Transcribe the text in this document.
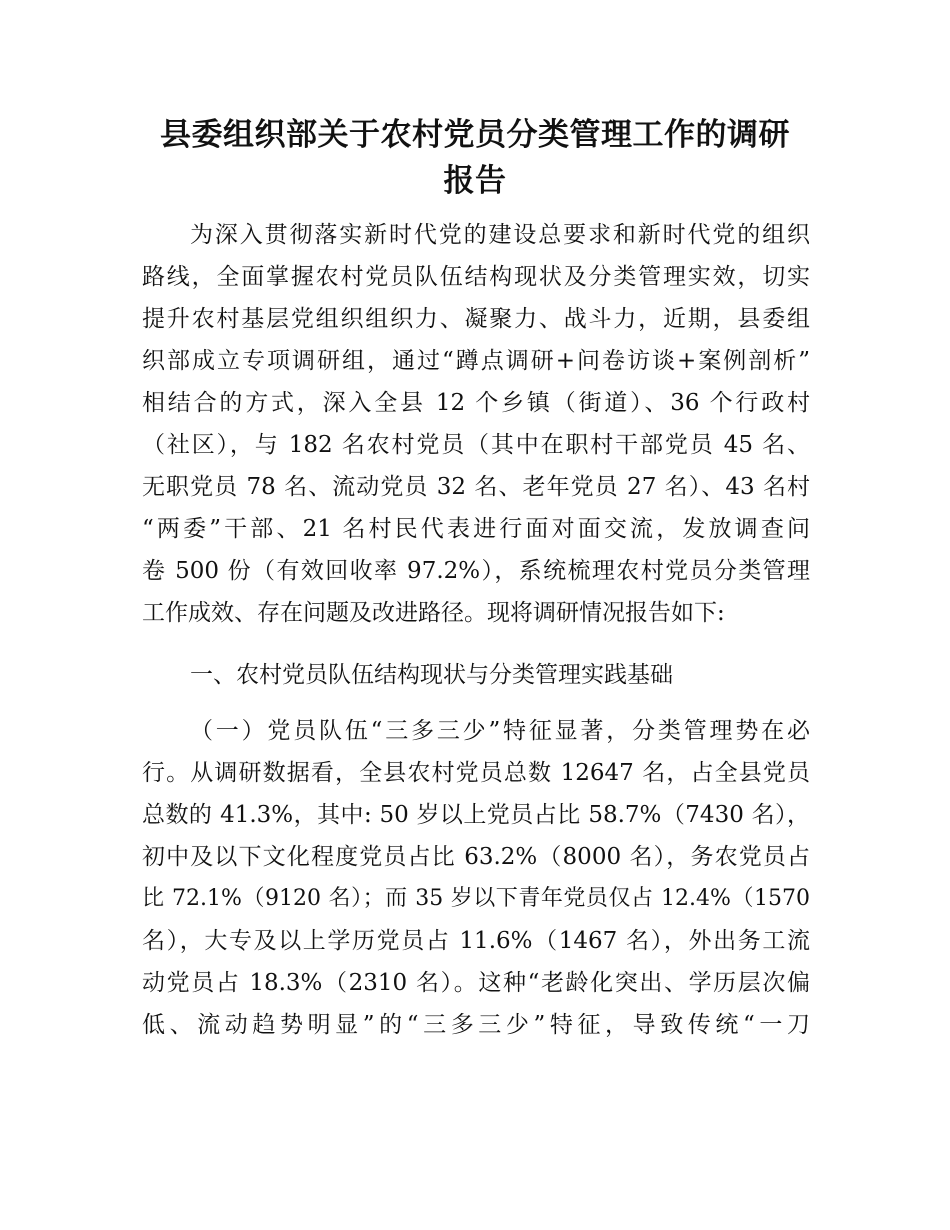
县委组织部关于农村党员分类管理工作的调研
报告

为深入贯彻落实新时代党的建设总要求和新时代党的组织

路线，全面掌握农村党员队伍结构现状及分类管理实效，切实

提升农村基层党组织组织力、凝聚力、战斗力，近期，县委组

织部成立专项调研组，通过“蹲点调研+问卷访谈+案例剖析”

相结合的方式，深入全县 12 个乡镇（街道）、36 个行政村

（社区），与 182 名农村党员（其中在职村干部党员 45 名、

无职党员 78 名、流动党员 32 名、老年党员 27 名）、43 名村

“两委”干部、21 名村民代表进行面对面交流，发放调查问

卷 500 份（有效回收率 97.2%），系统梳理农村党员分类管理

工作成效、存在问题及改进路径。现将调研情况报告如下:

一、农村党员队伍结构现状与分类管理实践基础

（一）党员队伍“三多三少”特征显著，分类管理势在必

行。从调研数据看，全县农村党员总数 12647 名，占全县党员

总数的 41.3%，其中: 50 岁以上党员占比 58.7%（7430 名），

初中及以下文化程度党员占比 63.2%（8000 名），务农党员占

比 72.1%（9120 名）；而 35 岁以下青年党员仅占 12.4%（1570

名），大专及以上学历党员占 11.6%（1467 名），外出务工流

动党员占 18.3%（2310 名）。这种“老龄化突出、学历层次偏

低、流动趋势明显”的“三多三少”特征，导致传统“一刀
